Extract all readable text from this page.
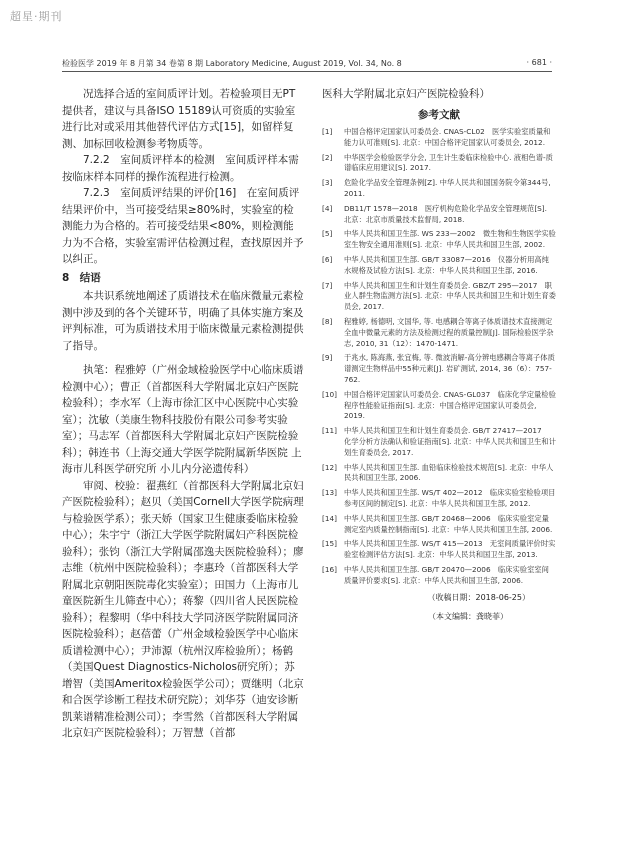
超星·期刊
检验医学 2019 年 8 月第 34 卷第 8 期 Laboratory Medicine, August 2019, Vol. 34, No. 8	· 681 ·

况选择合适的室间质评计划。若检验项目无PT提供者，建议与具备ISO 15189认可资质的实验室进行比对或采用其他替代评估方式[15]，如留样复测、加标回收检测参考物质等。

7.2.2　室间质评样本的检测　室间质评样本需按临床样本同样的操作流程进行检测。

7.2.3　室间质评结果的评价[16]　在室间质评结果评价中，当可接受结果≥80%时，实验室的检测能力为合格的。若可接受结果<80%，则检测能力为不合格，实验室需评估检测过程，查找原因并予以纠正。

8　结语

本共识系统地阐述了质谱技术在临床微量元素检测中涉及到的各个关键环节，明确了具体实施方案及评判标准，可为质谱技术用于临床微量元素检测提供了指导。

执笔：程雅婷（广州金域检验医学中心临床质谱检测中心）；曹正（首都医科大学附属北京妇产医院检验科）；李水军（上海市徐汇区中心医院中心实验室）；沈敏（美康生物科技股份有限公司参考实验室）；马志军（首都医科大学附属北京妇产医院检验科）；韩连书（上海交通大学医学院附属新华医院 上海市儿科医学研究所 小儿内分泌遗传科）

审阅、校验：翟燕红（首都医科大学附属北京妇产医院检验科）；赵贝（美国Cornell大学医学院病理与检验医学系）；张天娇（国家卫生健康委临床检验中心）；朱宇宁（浙江大学医学院附属妇产科医院检验科）；张钧（浙江大学附属邵逸夫医院检验科）；廖志维（杭州中医院检验科）；李惠玲（首都医科大学附属北京朝阳医院毒化实验室）；田国力（上海市儿童医院新生儿筛查中心）；蒋黎（四川省人民医院检验科）；程黎明（华中科技大学同济医学院附属同济医院检验科）；赵蓓蕾（广州金域检验医学中心临床质谱检测中心）；尹沛源（杭州汉库检验所）；杨鹤（美国Quest Diagnostics-Nicholos研究所）；苏增智（美国Ameritox检验医学公司）；贾继明（北京和合医学诊断工程技术研究院）；刘华芬（迪安诊断凯莱谱精准检测公司）；李雪然（首都医科大学附属北京妇产医院检验科）；万智慧（首都

医科大学附属北京妇产医院检验科）

参考文献

[1]	中国合格评定国家认可委员会. CNAS-CL02　医学实验室质量和能力认可准则[S]. 北京：中国合格评定国家认可委员会, 2012.
[2]	中华医学会检验医学分会, 卫生计生委临床检验中心. 液相色谱-质谱临床应用建议[S]. 2017.
[3]	危险化学品安全管理条例[Z]. 中华人民共和国国务院令第344号, 2011.
[4]	DB11/T 1578—2018　医疗机构危险化学品安全管理规范[S]. 北京：北京市质量技术监督局, 2018.
[5]	中华人民共和国卫生部. WS 233—2002　微生物和生物医学实验室生物安全通用准则[S]. 北京：中华人民共和国卫生部, 2002.
[6]	中华人民共和国卫生部. GB/T 33087—2016　仪器分析用高纯水规格及试验方法[S]. 北京：中华人民共和国卫生部, 2016.
[7]	中华人民共和国卫生和计划生育委员会. GBZ/T 295—2017　职业人群生物监测方法[S]. 北京：中华人民共和国卫生和计划生育委员会, 2017.
[8]	程雅婷, 杨德明, 文国华, 等. 电感耦合等离子体质谱技术直接测定全血中微量元素的方法及检测过程的质量控制[J]. 国际检验医学杂志, 2010, 31（12）：1470-1471.
[9]	于兆水, 陈海燕, 张宜梅, 等. 微波消解-高分辨电感耦合等离子体质谱测定生物样品中55种元素[J]. 岩矿测试, 2014, 36（6）：757-762.
[10] 中国合格评定国家认可委员会. CNAS-GL037　临床化学定量检验程序性能验证指南[S]. 北京：中国合格评定国家认可委员会, 2019.
[11] 中华人民共和国卫生和计划生育委员会. GB/T 27417—2017　化学分析方法确认和验证指南[S]. 北京：中华人民共和国卫生和计划生育委员会, 2017.
[12] 中华人民共和国卫生部. 血铅临床检验技术规范[S]. 北京：中华人民共和国卫生部, 2006.
[13] 中华人民共和国卫生部. WS/T 402—2012　临床实验室检验项目参考区间的制定[S]. 北京：中华人民共和国卫生部, 2012.
[14] 中华人民共和国卫生部. GB/T 20468—2006　临床实验室定量测定室内质量控制指南[S]. 北京：中华人民共和国卫生部, 2006.
[15] 中华人民共和国卫生部. WS/T 415—2013　无室间质量评价时实验室检测评估方法[S]. 北京：中华人民共和国卫生部, 2013.
[16] 中华人民共和国卫生部. GB/T 20470—2006　临床实验室室间质量评价要求[S]. 北京：中华人民共和国卫生部, 2006.

（收稿日期：2018-06-25）

（本文编辑：龚晓菲）
